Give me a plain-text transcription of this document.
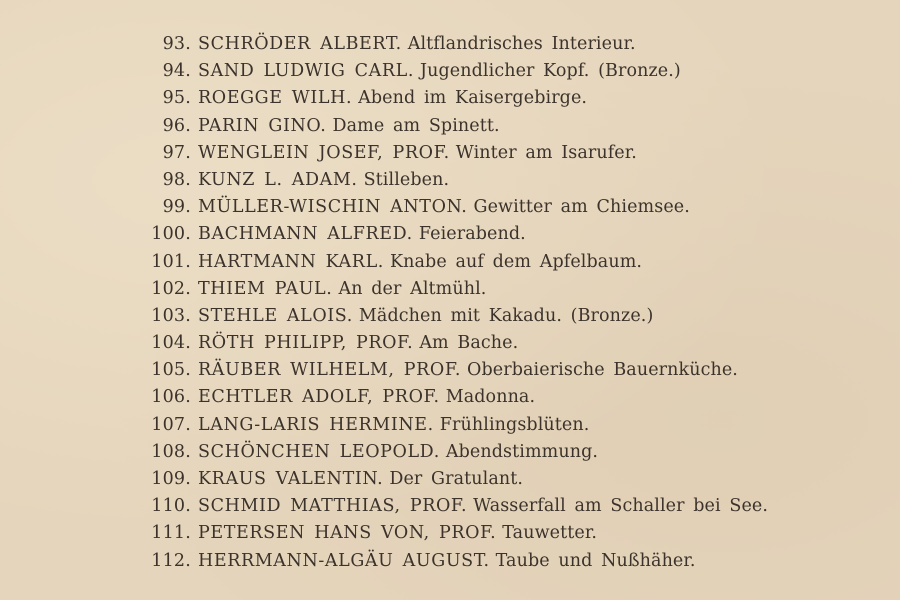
93. SCHRÖDER ALBERT. Altflandrisches Interieur.
94. SAND LUDWIG CARL. Jugendlicher Kopf. (Bronze.)
95. ROEGGE WILH. Abend im Kaisergebirge.
96. PARIN GINO. Dame am Spinett.
97. WENGLEIN JOSEF, PROF. Winter am Isarufer.
98. KUNZ L. ADAM. Stilleben.
99. MÜLLER-WISCHIN ANTON. Gewitter am Chiemsee.
100. BACHMANN ALFRED. Feierabend.
101. HARTMANN KARL. Knabe auf dem Apfelbaum.
102. THIEM PAUL. An der Altmühl.
103. STEHLE ALOIS. Mädchen mit Kakadu. (Bronze.)
104. RÖTH PHILIPP, PROF. Am Bache.
105. RÄUBER WILHELM, PROF. Oberbaierische Bauernküche.
106. ECHTLER ADOLF, PROF. Madonna.
107. LANG-LARIS HERMINE. Frühlingsblüten.
108. SCHÖNCHEN LEOPOLD. Abendstimmung.
109. KRAUS VALENTIN. Der Gratulant.
110. SCHMID MATTHIAS, PROF. Wasserfall am Schaller bei See.
111. PETERSEN HANS VON, PROF. Tauwetter.
112. HERRMANN-ALGÄU AUGUST. Taube und Nußhäher.
